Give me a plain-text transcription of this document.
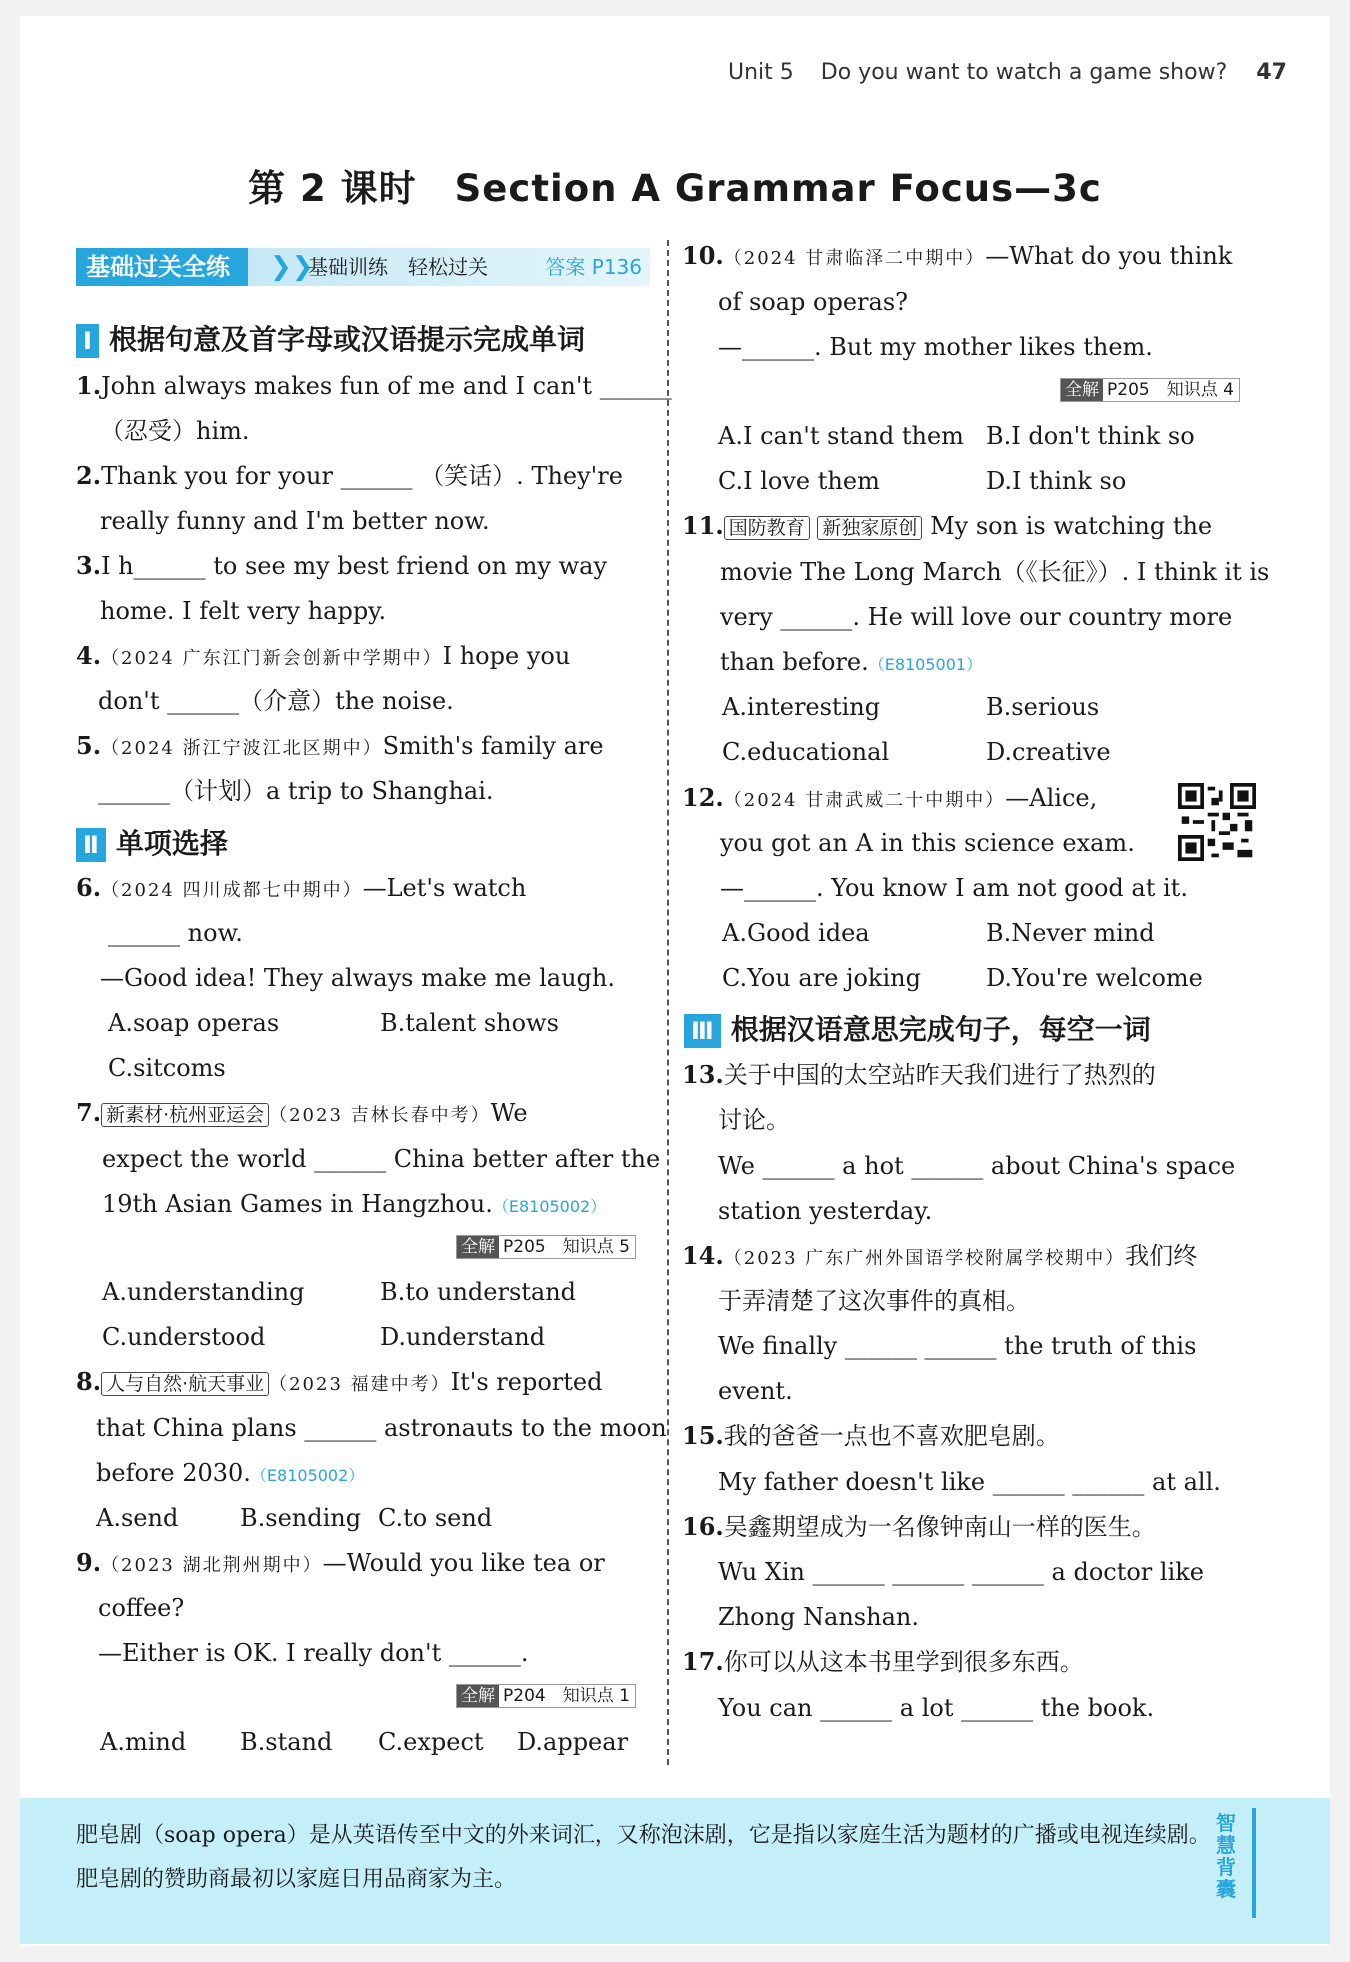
Unit 5 Do you want to watch a game show? 47
第 2 课时　Section A Grammar Focus—3c
基础过关全练	❯❯
基础训练　轻松过关	答案 P136
Ⅰ 根据句意及首字母或汉语提示完成单词
1.John always makes fun of me and I can't ______
（忍受）him.
2.Thank you for your ______ （笑话）. They're
really funny and I'm better now.
3.I h______ to see my best friend on my way
home. I felt very happy.
4.（2024 广东江门新会创新中学期中）I hope you
don't ______（介意）the noise.
5.（2024 浙江宁波江北区期中）Smith's family are
______（计划）a trip to Shanghai.
Ⅱ 单项选择
6.（2024 四川成都七中期中）—Let's watch
______ now.
—Good idea! They always make me laugh.
A.soap operas	B.talent shows
C.sitcoms
7. 新素材·杭州亚运会 （2023 吉林长春中考）We
expect the world ______ China better after the
19th Asian Games in Hangzhou.（E8105002）
全解 P205　知识点 5
A.understanding	B.to understand
C.understood	D.understand
8. 人与自然·航天事业 （2023 福建中考）It's reported
that China plans ______ astronauts to the moon
before 2030.（E8105002）
A.send	B.sending C.to send
9.（2023 湖北荆州期中）—Would you like tea or
coffee?
—Either is OK. I really don't ______.
全解 P204　知识点 1
A.mind B.stand C.expect D.appear
10.（2024 甘肃临泽二中期中）—What do you think
of soap operas?
—______. But my mother likes them.
全解 P205　知识点 4
A.I can't stand them B.I don't think so
C.I love them	D.I think so
11. 国防教育 新独家原创 My son is watching the
movie The Long March（《长征》）. I think it is
very ______. He will love our country more
than before.（E8105001）
A.interesting	B.serious
C.educational	D.creative
12.（2024 甘肃武威二十中期中）—Alice,
you got an A in this science exam.
—______. You know I am not good at it.
A.Good idea	B.Never mind
C.You are joking	D.You're welcome
Ⅲ 根据汉语意思完成句子，每空一词
13.关于中国的太空站昨天我们进行了热烈的
讨论。
We ______ a hot ______ about China's space
station yesterday.
14.（2023 广东广州外国语学校附属学校期中）我们终
于弄清楚了这次事件的真相。
We finally ______ ______ the truth of this
event.
15.我的爸爸一点也不喜欢肥皂剧。
My father doesn't like ______ ______ at all.
16.吴鑫期望成为一名像钟南山一样的医生。
Wu Xin ______ ______ ______ a doctor like
Zhong Nanshan.
17.你可以从这本书里学到很多东西。
You can ______ a lot ______ the book.
肥皂剧（soap opera）是从英语传至中文的外来词汇，又称泡沫剧，它是指以家庭生活为题材的广播或电视连续剧。肥皂剧的赞助商最初以家庭日用品商家为主。
智慧背囊
